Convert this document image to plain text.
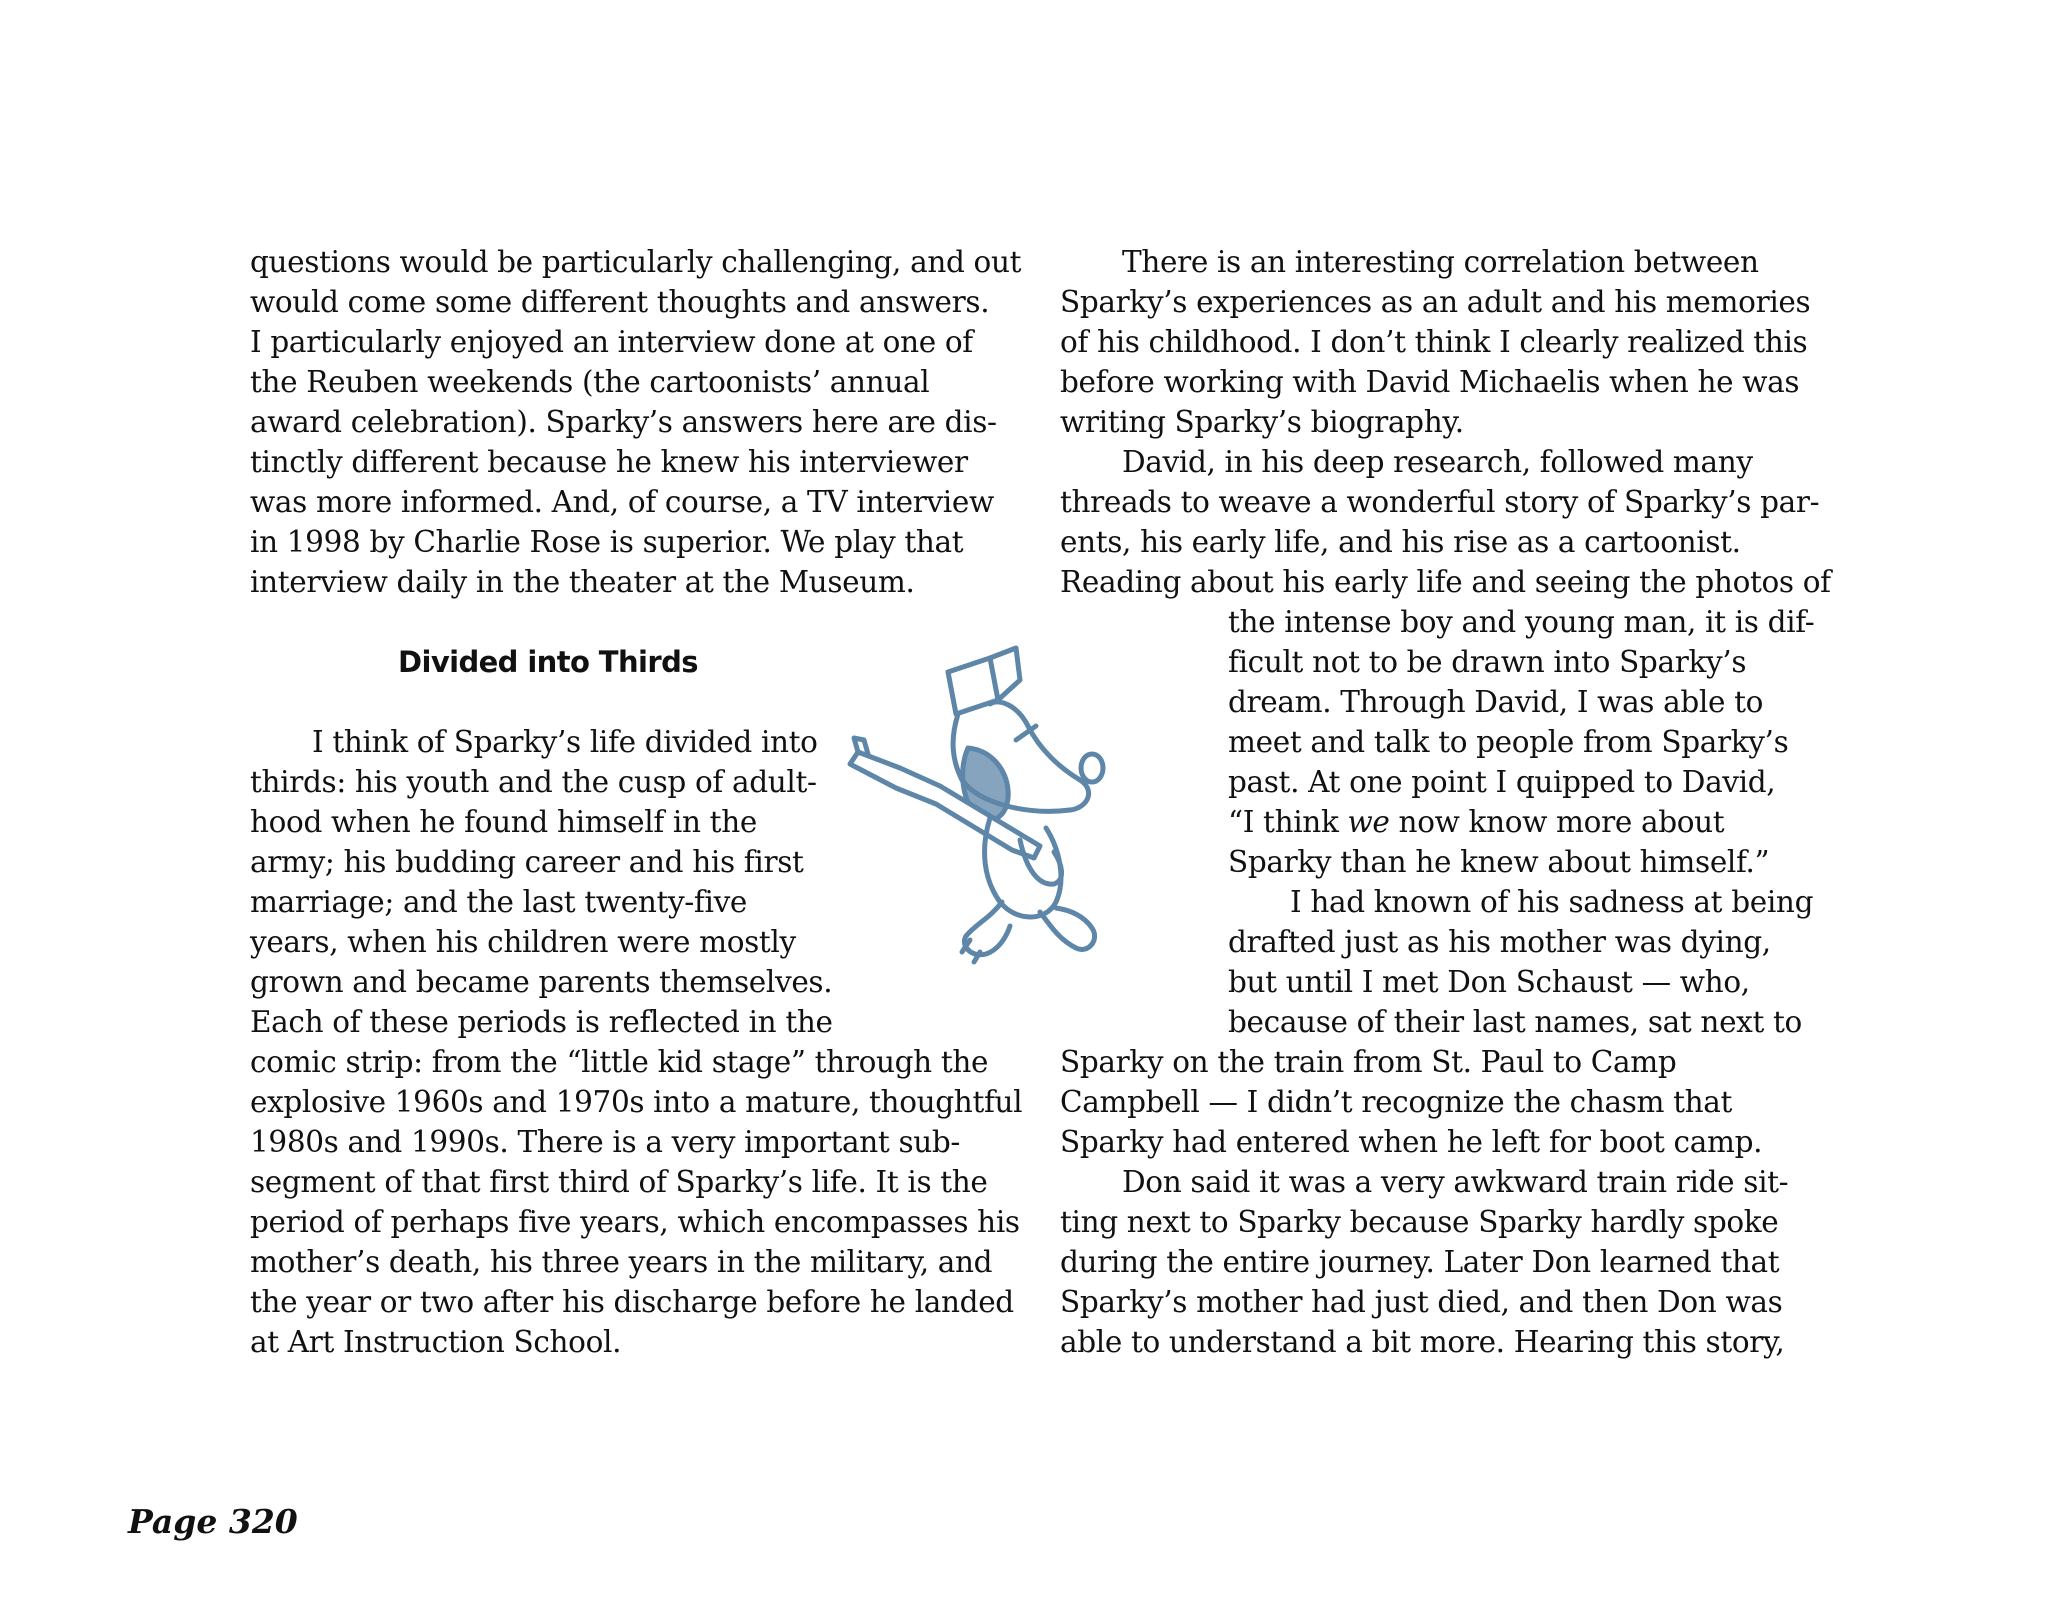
questions would be particularly challenging, and out
would come some different thoughts and answers.
I particularly enjoyed an interview done at one of
the Reuben weekends (the cartoonists’ annual
award celebration). Sparky’s answers here are dis-
tinctly different because he knew his interviewer
was more informed. And, of course, a TV interview
in 1998 by Charlie Rose is superior. We play that
interview daily in the theater at the Museum.
Divided into Thirds
I think of Sparky’s life divided into
thirds: his youth and the cusp of adult-
hood when he found himself in the
army; his budding career and his first
marriage; and the last twenty-five
years, when his children were mostly
grown and became parents themselves.
Each of these periods is reflected in the
comic strip: from the “little kid stage” through the
explosive 1960s and 1970s into a mature, thoughtful
1980s and 1990s. There is a very important sub-
segment of that first third of Sparky’s life. It is the
period of perhaps five years, which encompasses his
mother’s death, his three years in the military, and
the year or two after his discharge before he landed
at Art Instruction School.
There is an interesting correlation between
Sparky’s experiences as an adult and his memories
of his childhood. I don’t think I clearly realized this
before working with David Michaelis when he was
writing Sparky’s biography.
David, in his deep research, followed many
threads to weave a wonderful story of Sparky’s par-
ents, his early life, and his rise as a cartoonist.
Reading about his early life and seeing the photos of
the intense boy and young man, it is dif-
ficult not to be drawn into Sparky’s
dream. Through David, I was able to
meet and talk to people from Sparky’s
past. At one point I quipped to David,
“I think we now know more about
Sparky than he knew about himself.”
I had known of his sadness at being
drafted just as his mother was dying,
but until I met Don Schaust — who,
because of their last names, sat next to
Sparky on the train from St. Paul to Camp
Campbell — I didn’t recognize the chasm that
Sparky had entered when he left for boot camp.
Don said it was a very awkward train ride sit-
ting next to Sparky because Sparky hardly spoke
during the entire journey. Later Don learned that
Sparky’s mother had just died, and then Don was
able to understand a bit more. Hearing this story,
Page 320
